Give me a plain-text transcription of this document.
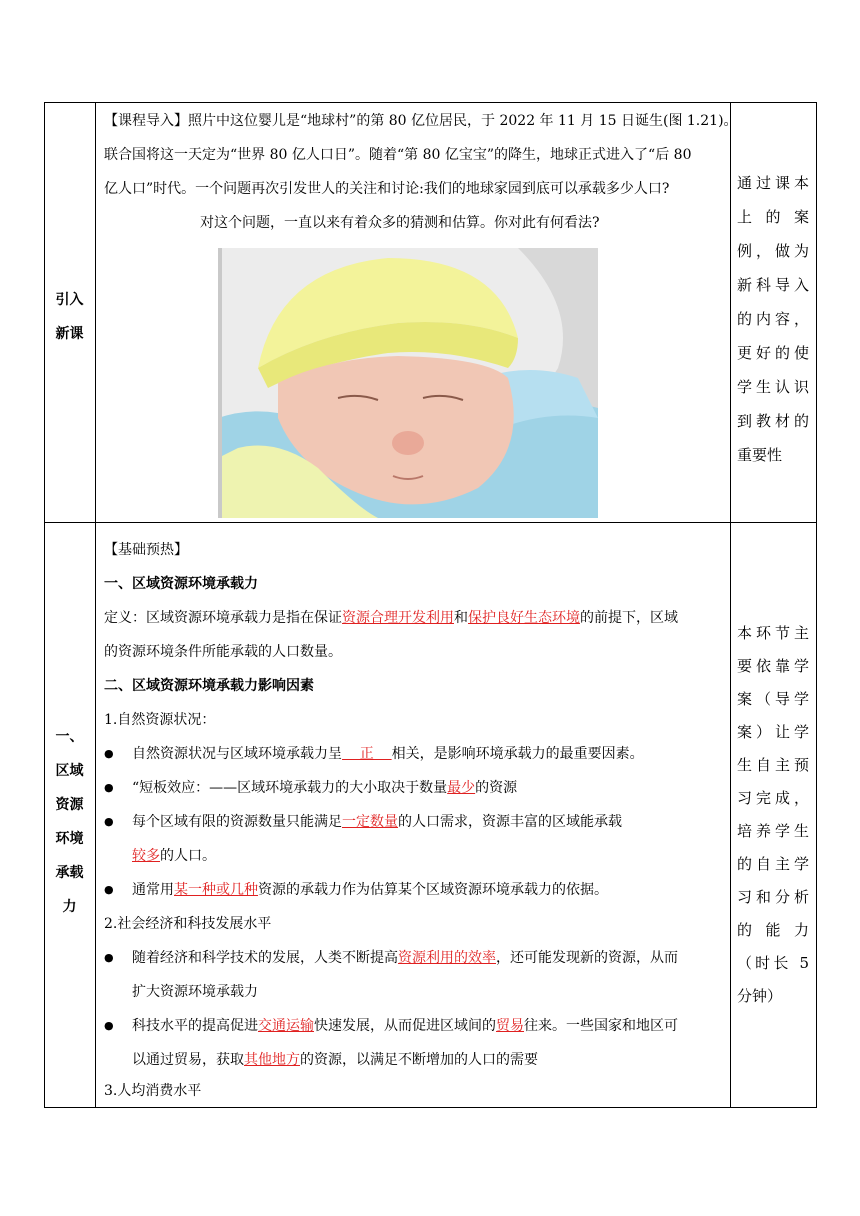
引入
新课
【课程导入】照片中这位婴儿是“地球村”的第 80 亿位居民，于 2022 年 11 月 15 日诞生(图 1.21)。
联合国将这一天定为“世界 80 亿人口日”。随着“第 80 亿宝宝”的降生，地球正式进入了“后 80
亿人口”时代。一个问题再次引发世人的关注和讨论:我们的地球家园到底可以承载多少人口?
对这个问题，一直以来有着众多的猜测和估算。你对此有何看法?
通过课本
上的案
例，做为
新科导入
的内容，
更好的使
学生认识
到教材的
重要性
一、
区域
资源
环境
承载
力
【基础预热】
一、区域资源环境承载力
定义：区域资源环境承载力是指在保证资源合理开发利用和保护良好生态环境的前提下，区域
的资源环境条件所能承载的人口数量。
二、区域资源环境承载力影响因素
1.自然资源状况：
● 自然资源状况与区域环境承载力呈    正    相关，是影响环境承载力的最重要因素。
● “短板效应：——区域环境承载力的大小取决于数量最少的资源
● 每个区域有限的资源数量只能满足一定数量的人口需求，资源丰富的区域能承载
较多的人口。
● 通常用某一种或几种资源的承载力作为估算某个区域资源环境承载力的依据。
2.社会经济和科技发展水平
● 随着经济和科学技术的发展，人类不断提高资源利用的效率，还可能发现新的资源，从而
扩大资源环境承载力
● 科技水平的提高促进交通运输快速发展，从而促进区域间的贸易往来。一些国家和地区可
以通过贸易，获取其他地方的资源，以满足不断增加的人口的需要
3.人均消费水平
本环节主
要依靠学
案（导学
案）让学
生自主预
习完成，
培养学生
的自主学
习和分析
的能力
（时长 5
分钟）
